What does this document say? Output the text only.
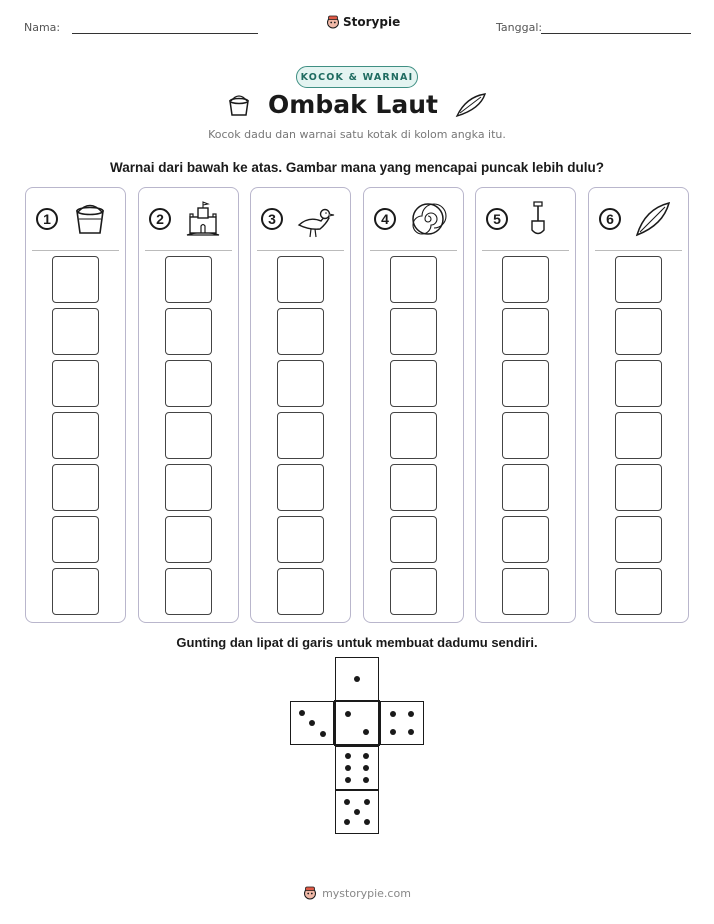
Nama:	Storypie	Tanggal:
KOCOK & WARNAI
Ombak Laut
Kocok dadu dan warnai satu kotak di kolom angka itu.
Warnai dari bawah ke atas. Gambar mana yang mencapai puncak lebih dulu?
1	2	3	4	5	6
Gunting dan lipat di garis untuk membuat dadumu sendiri.
mystorypie.com
